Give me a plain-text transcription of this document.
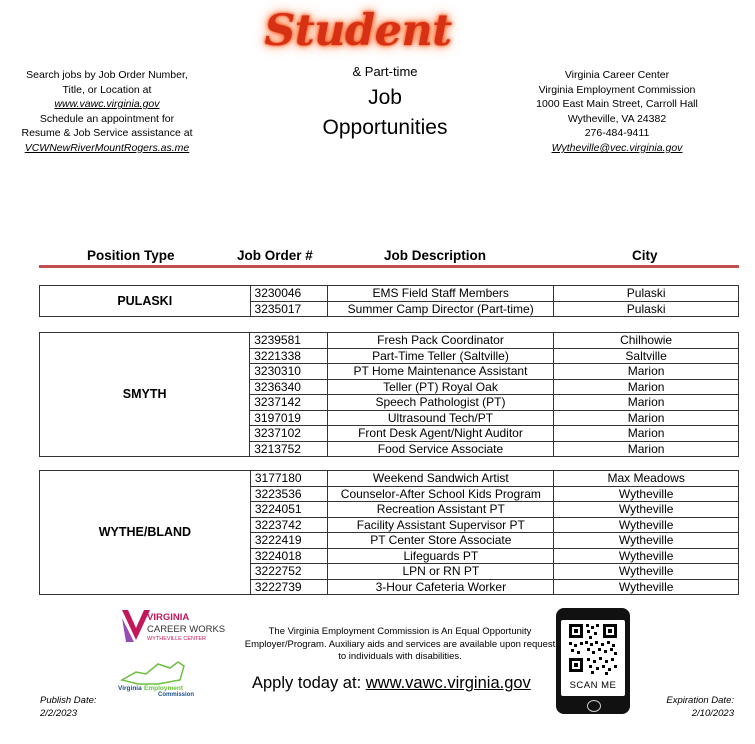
Search jobs by Job Order Number,
Title, or Location at
www.vawc.virginia.gov
Schedule an appointment for
Resume & Job Service assistance at
VCWNewRiverMountRogers.as.me
Student
& Part-time
Job
Opportunities
Virginia Career Center
Virginia Employment Commission
1000 East Main Street, Carroll Hall
Wytheville, VA 24382
276-484-9411
Wytheville@vec.virginia.gov
Position Type	Job Order #	Job Description	City
PULASKI	3230046	EMS Field Staff Members	Pulaski
	3235017	Summer Camp Director (Part-time)	Pulaski
SMYTH	3239581	Fresh Pack Coordinator	Chilhowie
	3221338	Part-Time Teller (Saltville)	Saltville
	3230310	PT Home Maintenance Assistant	Marion
	3236340	Teller (PT) Royal Oak	Marion
	3237142	Speech Pathologist (PT)	Marion
	3197019	Ultrasound Tech/PT	Marion
	3237102	Front Desk Agent/Night Auditor	Marion
	3213752	Food Service Associate	Marion
WYTHE/BLAND	3177180	Weekend Sandwich Artist	Max Meadows
	3223536	Counselor-After School Kids Program	Wytheville
	3224051	Recreation Assistant PT	Wytheville
	3223742	Facility Assistant Supervisor PT	Wytheville
	3222419	PT Center Store Associate	Wytheville
	3224018	Lifeguards PT	Wytheville
	3222752	LPN or RN PT	Wytheville
	3222739	3-Hour Cafeteria Worker	Wytheville
VIRGINIA
CAREER WORKS
WYTHEVILLE CENTER
Virginia Employment
Commission
The Virginia Employment Commission is An Equal Opportunity
Employer/Program. Auxiliary aids and services are available upon request
to individuals with disabilities.
Apply today at: www.vawc.virginia.gov	SCAN ME
Publish Date:
2/2/2023
Expiration Date:
2/10/2023
